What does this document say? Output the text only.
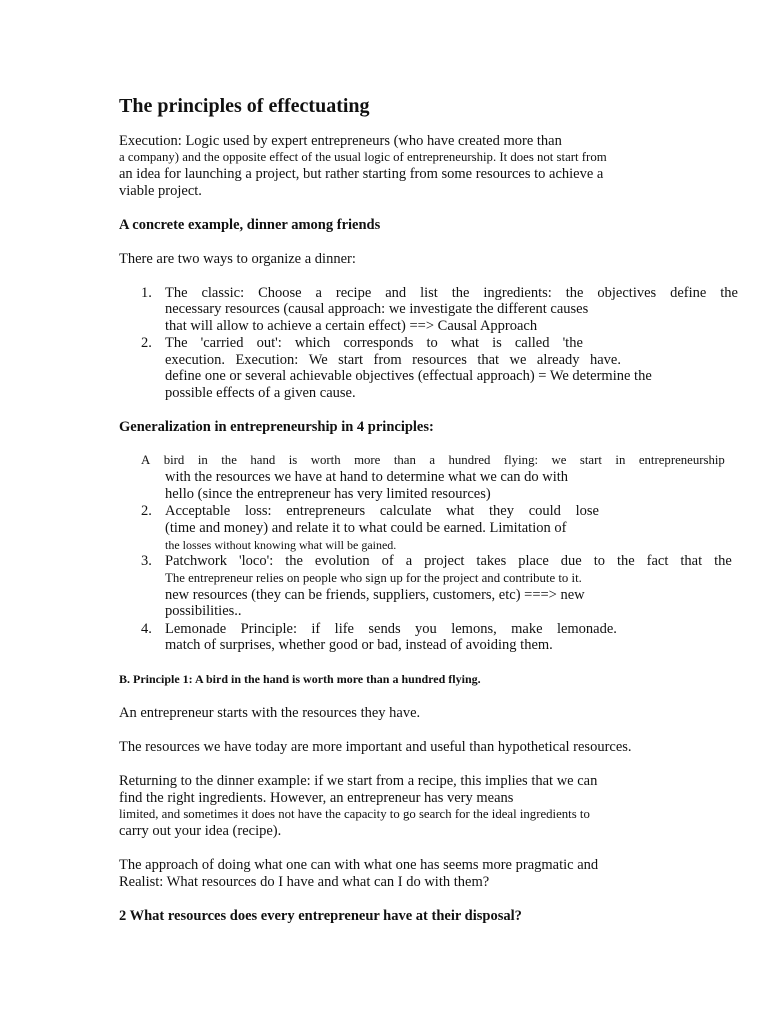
The principles of effectuating
Execution: Logic used by expert entrepreneurs (who have created more than
a company) and the opposite effect of the usual logic of entrepreneurship. It does not start from
an idea for launching a project, but rather starting from some resources to achieve a
viable project.
A concrete example, dinner among friends
There are two ways to organize a dinner:
1. The classic: Choose a recipe and list the ingredients: the objectives define the
necessary resources (causal approach: we investigate the different causes
that will allow to achieve a certain effect) ==> Causal Approach
2. The 'carried out': which corresponds to what is called 'the
execution. Execution: We start from resources that we already have.
define one or several achievable objectives (effectual approach) = We determine the
possible effects of a given cause.
Generalization in entrepreneurship in 4 principles:
A bird in the hand is worth more than a hundred flying: we start in entrepreneurship
with the resources we have at hand to determine what we can do with
hello (since the entrepreneur has very limited resources)
2. Acceptable loss: entrepreneurs calculate what they could lose
(time and money) and relate it to what could be earned. Limitation of
the losses without knowing what will be gained.
3. Patchwork 'loco': the evolution of a project takes place due to the fact that the
The entrepreneur relies on people who sign up for the project and contribute to it.
new resources (they can be friends, suppliers, customers, etc) ===> new
possibilities..
4. Lemonade Principle: if life sends you lemons, make lemonade.
match of surprises, whether good or bad, instead of avoiding them.
B. Principle 1: A bird in the hand is worth more than a hundred flying.
An entrepreneur starts with the resources they have.
The resources we have today are more important and useful than hypothetical resources.
Returning to the dinner example: if we start from a recipe, this implies that we can
find the right ingredients. However, an entrepreneur has very means
limited, and sometimes it does not have the capacity to go search for the ideal ingredients to
carry out your idea (recipe).
The approach of doing what one can with what one has seems more pragmatic and
Realist: What resources do I have and what can I do with them?
2 What resources does every entrepreneur have at their disposal?
